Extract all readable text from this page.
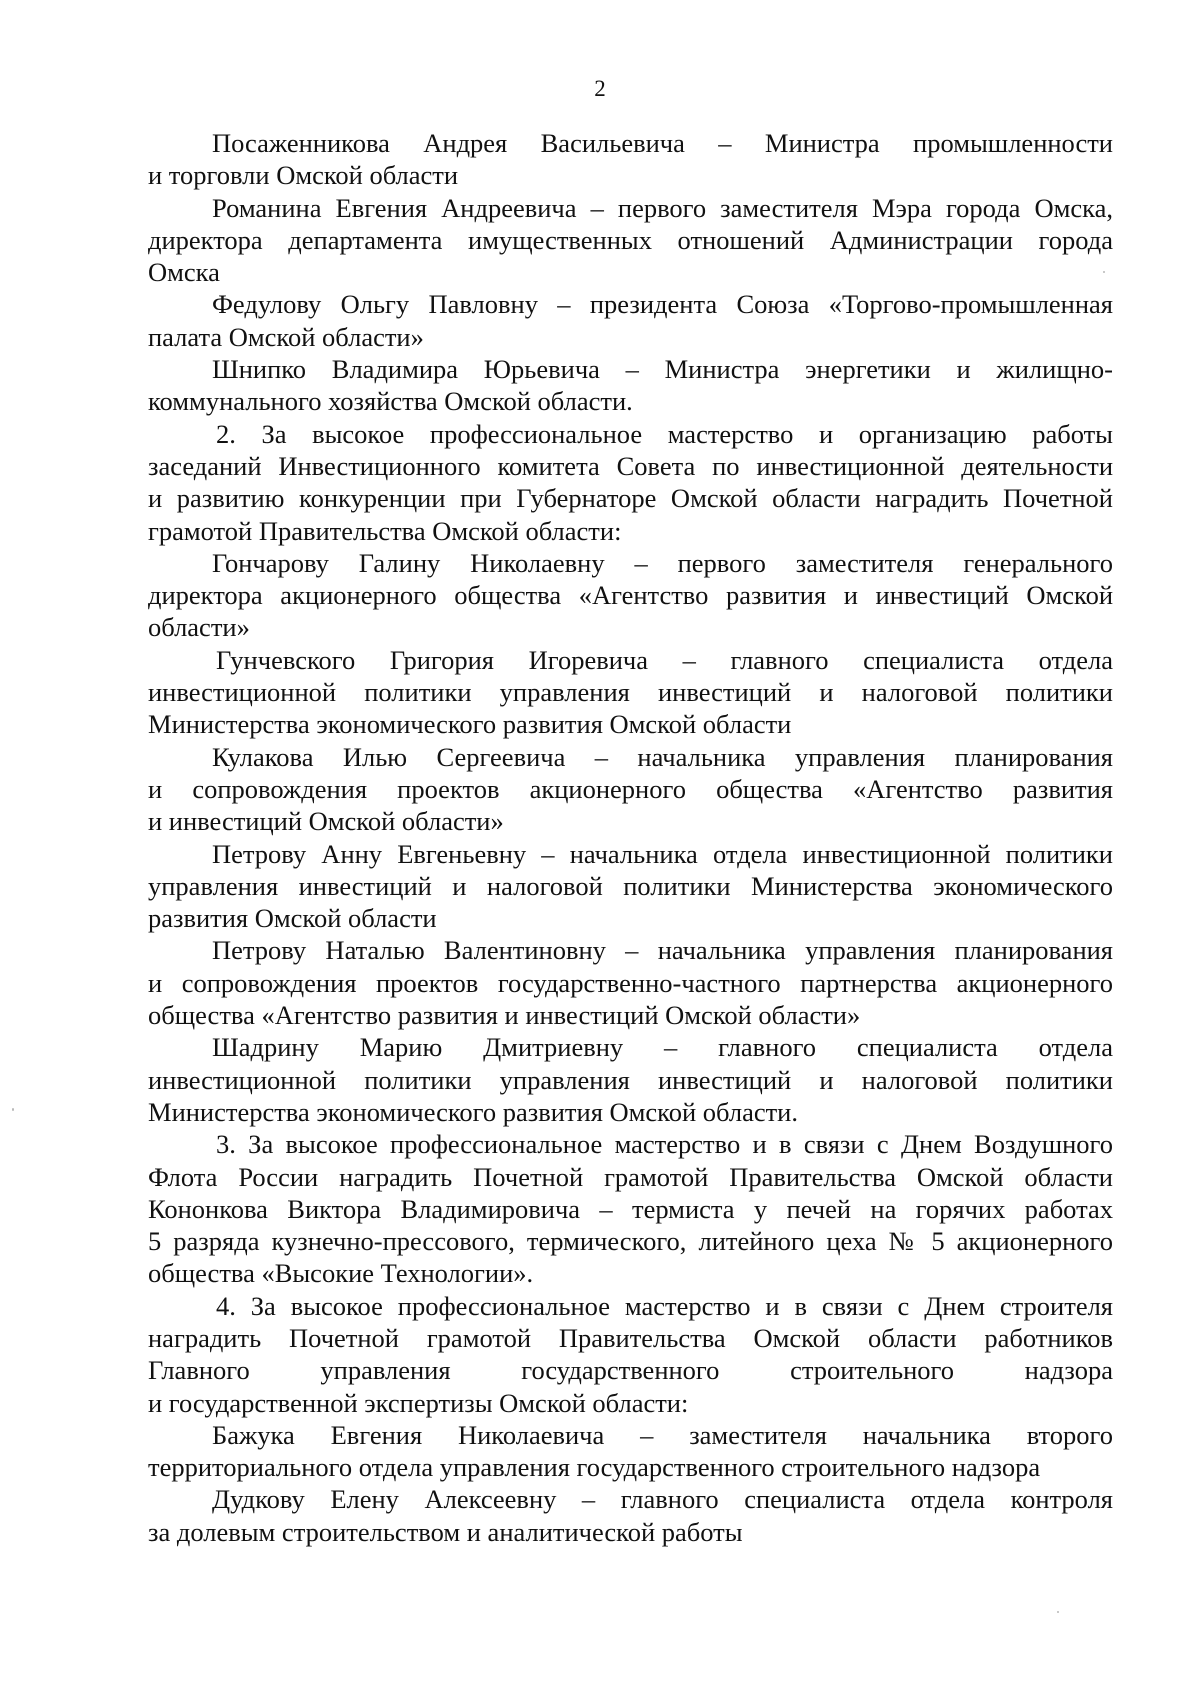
2
Посаженникова Андрея Васильевича – Министра промышленности
и торговли Омской области
Романина Евгения Андреевича – первого заместителя Мэра города Омска,
директора департамента имущественных отношений Администрации города
Омска
Федулову Ольгу Павловну – президента Союза «Торгово-промышленная
палата Омской области»
Шнипко Владимира Юрьевича – Министра энергетики и жилищно-
коммунального хозяйства Омской области.
2. За высокое профессиональное мастерство и организацию работы
заседаний Инвестиционного комитета Совета по инвестиционной деятельности
и развитию конкуренции при Губернаторе Омской области наградить Почетной
грамотой Правительства Омской области:
Гончарову Галину Николаевну – первого заместителя генерального
директора акционерного общества «Агентство развития и инвестиций Омской
области»
Гунчевского Григория Игоревича – главного специалиста отдела
инвестиционной политики управления инвестиций и налоговой политики
Министерства экономического развития Омской области
Кулакова Илью Сергеевича – начальника управления планирования
и сопровождения проектов акционерного общества «Агентство развития
и инвестиций Омской области»
Петрову Анну Евгеньевну – начальника отдела инвестиционной политики
управления инвестиций и налоговой политики Министерства экономического
развития Омской области
Петрову Наталью Валентиновну – начальника управления планирования
и сопровождения проектов государственно-частного партнерства акционерного
общества «Агентство развития и инвестиций Омской области»
Шадрину Марию Дмитриевну – главного специалиста отдела
инвестиционной политики управления инвестиций и налоговой политики
Министерства экономического развития Омской области.
3. За высокое профессиональное мастерство и в связи с Днем Воздушного
Флота России наградить Почетной грамотой Правительства Омской области
Кононкова Виктора Владимировича – термиста у печей на горячих работах
5 разряда кузнечно-прессового, термического, литейного цеха № 5 акционерного
общества «Высокие Технологии».
4. За высокое профессиональное мастерство и в связи с Днем строителя
наградить Почетной грамотой Правительства Омской области работников
Главного управления государственного строительного надзора
и государственной экспертизы Омской области:
Бажука Евгения Николаевича – заместителя начальника второго
территориального отдела управления государственного строительного надзора
Дудкову Елену Алексеевну – главного специалиста отдела контроля
за долевым строительством и аналитической работы
